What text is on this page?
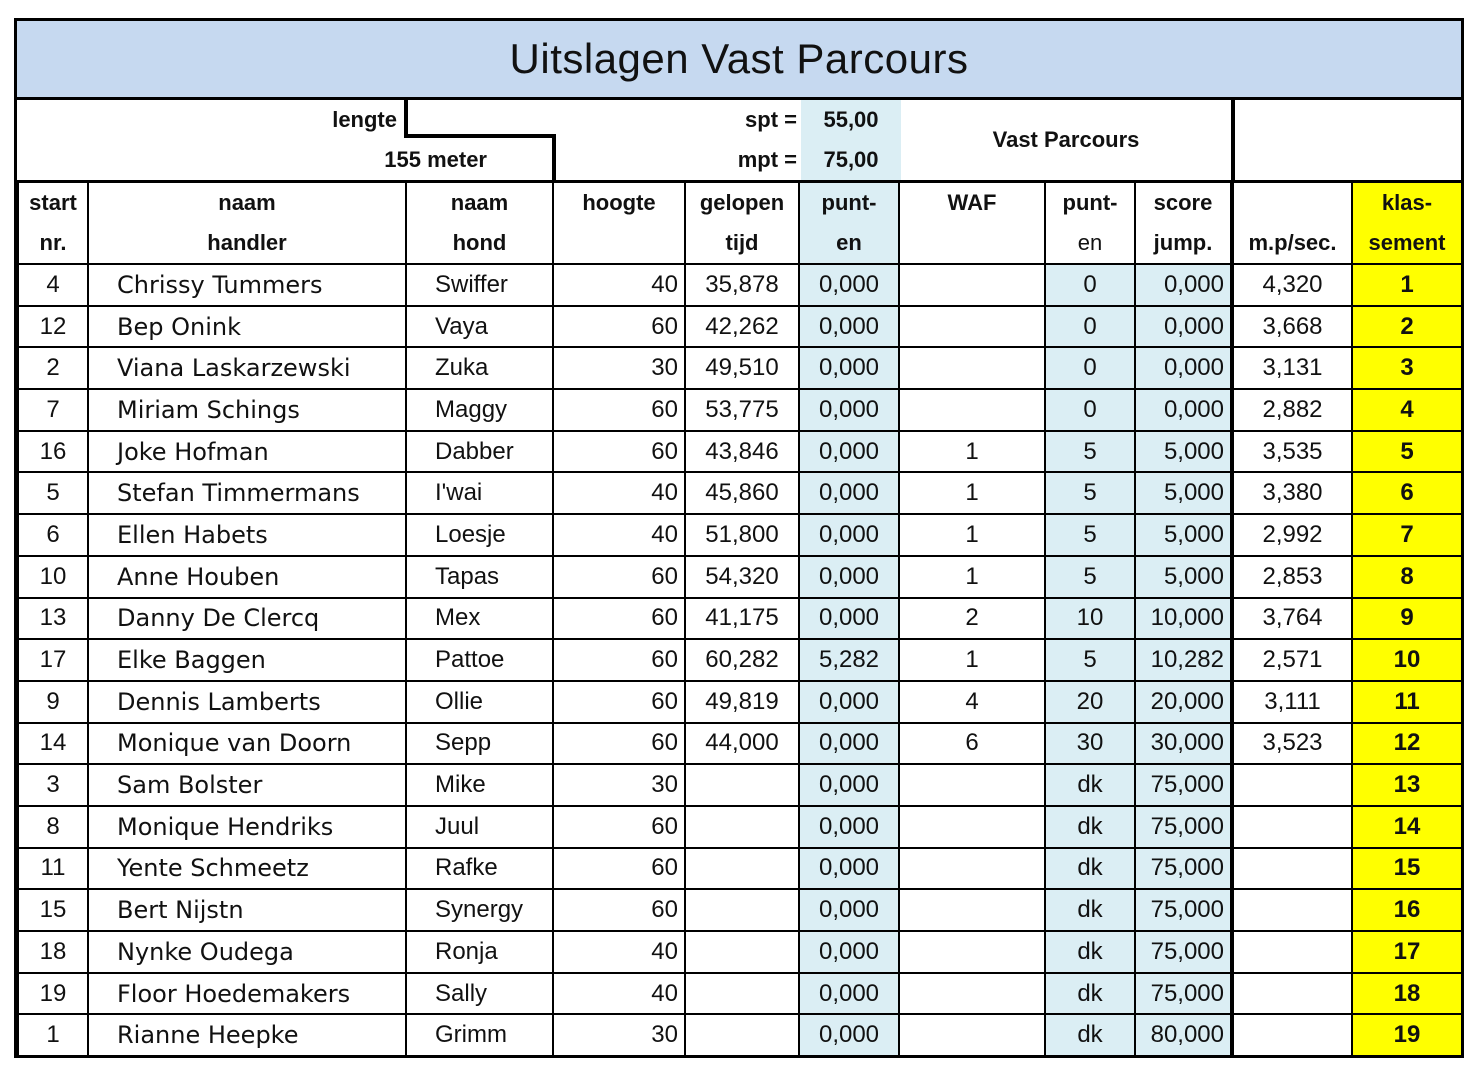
Uitslagen Vast Parcours
lengte
155 meter
spt =	55,00
mpt =	75,00
Vast Parcours
start	naam	naam	hoogte	gelopen	punt-	WAF	punt-	score		klas-
nr.	handler	hond		tijd	en		en	jump.	m.p/sec.	sement
4	Chrissy Tummers	Swiffer	40	35,878	0,000		0	0,000	4,320	1
12	Bep Onink	Vaya	60	42,262	0,000		0	0,000	3,668	2
2	Viana Laskarzewski	Zuka	30	49,510	0,000		0	0,000	3,131	3
7	Miriam Schings	Maggy	60	53,775	0,000		0	0,000	2,882	4
16	Joke Hofman	Dabber	60	43,846	0,000	1	5	5,000	3,535	5
5	Stefan Timmermans	I'wai	40	45,860	0,000	1	5	5,000	3,380	6
6	Ellen Habets	Loesje	40	51,800	0,000	1	5	5,000	2,992	7
10	Anne Houben	Tapas	60	54,320	0,000	1	5	5,000	2,853	8
13	Danny De Clercq	Mex	60	41,175	0,000	2	10	10,000	3,764	9
17	Elke Baggen	Pattoe	60	60,282	5,282	1	5	10,282	2,571	10
9	Dennis Lamberts	Ollie	60	49,819	0,000	4	20	20,000	3,111	11
14	Monique van Doorn	Sepp	60	44,000	0,000	6	30	30,000	3,523	12
3	Sam Bolster	Mike	30		0,000		dk	75,000		13
8	Monique Hendriks	Juul	60		0,000		dk	75,000		14
11	Yente Schmeetz	Rafke	60		0,000		dk	75,000		15
15	Bert Nijstn	Synergy	60		0,000		dk	75,000		16
18	Nynke Oudega	Ronja	40		0,000		dk	75,000		17
19	Floor Hoedemakers	Sally	40		0,000		dk	75,000		18
1	Rianne Heepke	Grimm	30		0,000		dk	80,000		19
